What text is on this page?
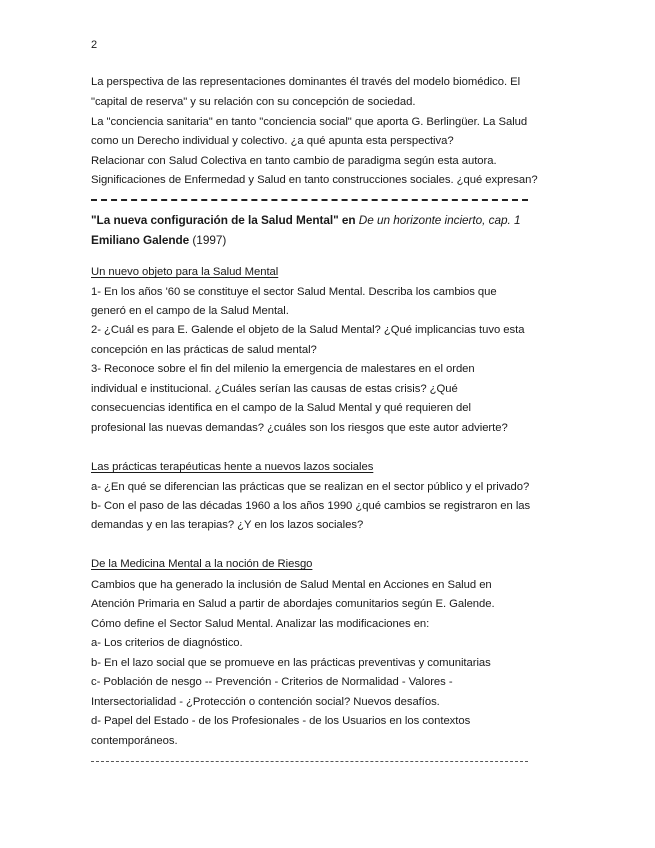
2
La perspectiva de las representaciones dominantes él través del modelo biomédico. El
"capital de reserva" y su relación con su concepción de sociedad.
La "conciencia sanitaria" en tanto "conciencia social" que aporta G. Berlingüer. La Salud
como un Derecho individual y colectivo. ¿a qué apunta esta perspectiva?
Relacionar con Salud Colectiva en tanto cambio de paradigma según esta autora.
Significaciones de Enfermedad y Salud en tanto construcciones sociales. ¿qué expresan?
"La nueva configuración de la Salud Mental" en De un horizonte incierto, cap. 1
Emiliano Galende (1997)
Un nuevo objeto para la Salud Mental
1- En los años '60 se constituye el sector Salud Mental. Describa los cambios que
generó en el campo de la Salud Mental.
2- ¿Cuál es para E. Galende el objeto de la Salud Mental? ¿Qué implicancias tuvo esta
concepción en las prácticas de salud mental?
3- Reconoce sobre el fin del milenio la emergencia de malestares en el orden
individual e institucional. ¿Cuáles serían las causas de estas crisis? ¿Qué
consecuencias identifica en el campo de la Salud Mental y qué requieren del
profesional las nuevas demandas? ¿cuáles son los riesgos que este autor advierte?
Las prácticas terapéuticas hente a nuevos lazos sociales
a- ¿En qué se diferencian las prácticas que se realizan en el sector público y el privado?
b- Con el paso de las décadas 1960 a los años 1990 ¿qué cambios se registraron en las
demandas y en las terapias? ¿Y en los lazos sociales?
De la Medicina Mental a la noción de Riesgo
Cambios que ha generado la inclusión de Salud Mental en Acciones en Salud en
Atención Primaria en Salud a partir de abordajes comunitarios según E. Galende.
Cómo define el Sector Salud Mental. Analizar las modificaciones en:
a- Los criterios de diagnóstico.
b- En el lazo social que se promueve en las prácticas preventivas y comunitarias
c- Población de nesgo -- Prevención - Criterios de Normalidad - Valores -
Intersectorialidad - ¿Protección o contención social? Nuevos desafíos.
d- Papel del Estado - de los Profesionales - de los Usuarios en los contextos
contemporáneos.
